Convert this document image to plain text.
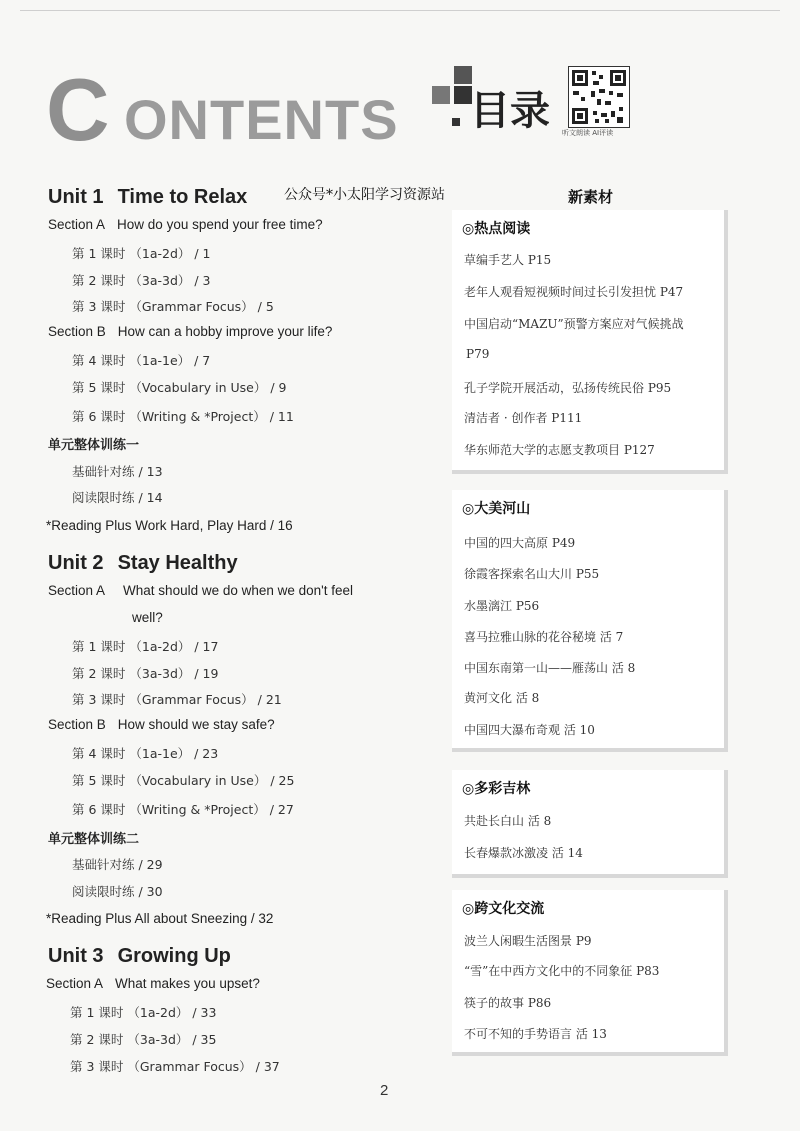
C ONTENTS 目录 听文朗读 AI评读
Unit 1 Time to Relax	公众号*小太阳学习资源站
Section A How do you spend your free time?
第 1 课时 （1a-2d） / 1
第 2 课时 （3a-3d） / 3
第 3 课时 （Grammar Focus） / 5
Section B How can a hobby improve your life?
第 4 课时 （1a-1e） / 7
第 5 课时 （Vocabulary in Use） / 9
第 6 课时 （Writing & *Project） / 11
单元整体训练一
基础针对练 / 13
阅读限时练 / 14
*Reading Plus Work Hard, Play Hard / 16
Unit 2 Stay Healthy
Section A What should we do when we don't feel
well?
第 1 课时 （1a-2d） / 17
第 2 课时 （3a-3d） / 19
第 3 课时 （Grammar Focus） / 21
Section B How should we stay safe?
第 4 课时 （1a-1e） / 23
第 5 课时 （Vocabulary in Use） / 25
第 6 课时 （Writing & *Project） / 27
单元整体训练二
基础针对练 / 29
阅读限时练 / 30
*Reading Plus All about Sneezing / 32
Unit 3 Growing Up
Section A What makes you upset?
第 1 课时 （1a-2d） / 33
第 2 课时 （3a-3d） / 35
第 3 课时 （Grammar Focus） / 37
新素材
◎热点阅读
草编手艺人 P15
老年人观看短视频时间过长引发担忧 P47
中国启动“MAZU”预警方案应对气候挑战
P79
孔子学院开展活动，弘扬传统民俗 P95
清洁者 · 创作者 P111
华东师范大学的志愿支教项目 P127
◎大美河山
中国的四大高原 P49
徐霞客探索名山大川 P55
水墨漓江 P56
喜马拉雅山脉的花谷秘境 活 7
中国东南第一山——雁荡山 活 8
黄河文化 活 8
中国四大瀑布奇观 活 10
◎多彩吉林
共赴长白山 活 8
长春爆款冰激凌 活 14
◎跨文化交流
波兰人闲暇生活图景 P9
“雪”在中西方文化中的不同象征 P83
筷子的故事 P86
不可不知的手势语言 活 13
2
